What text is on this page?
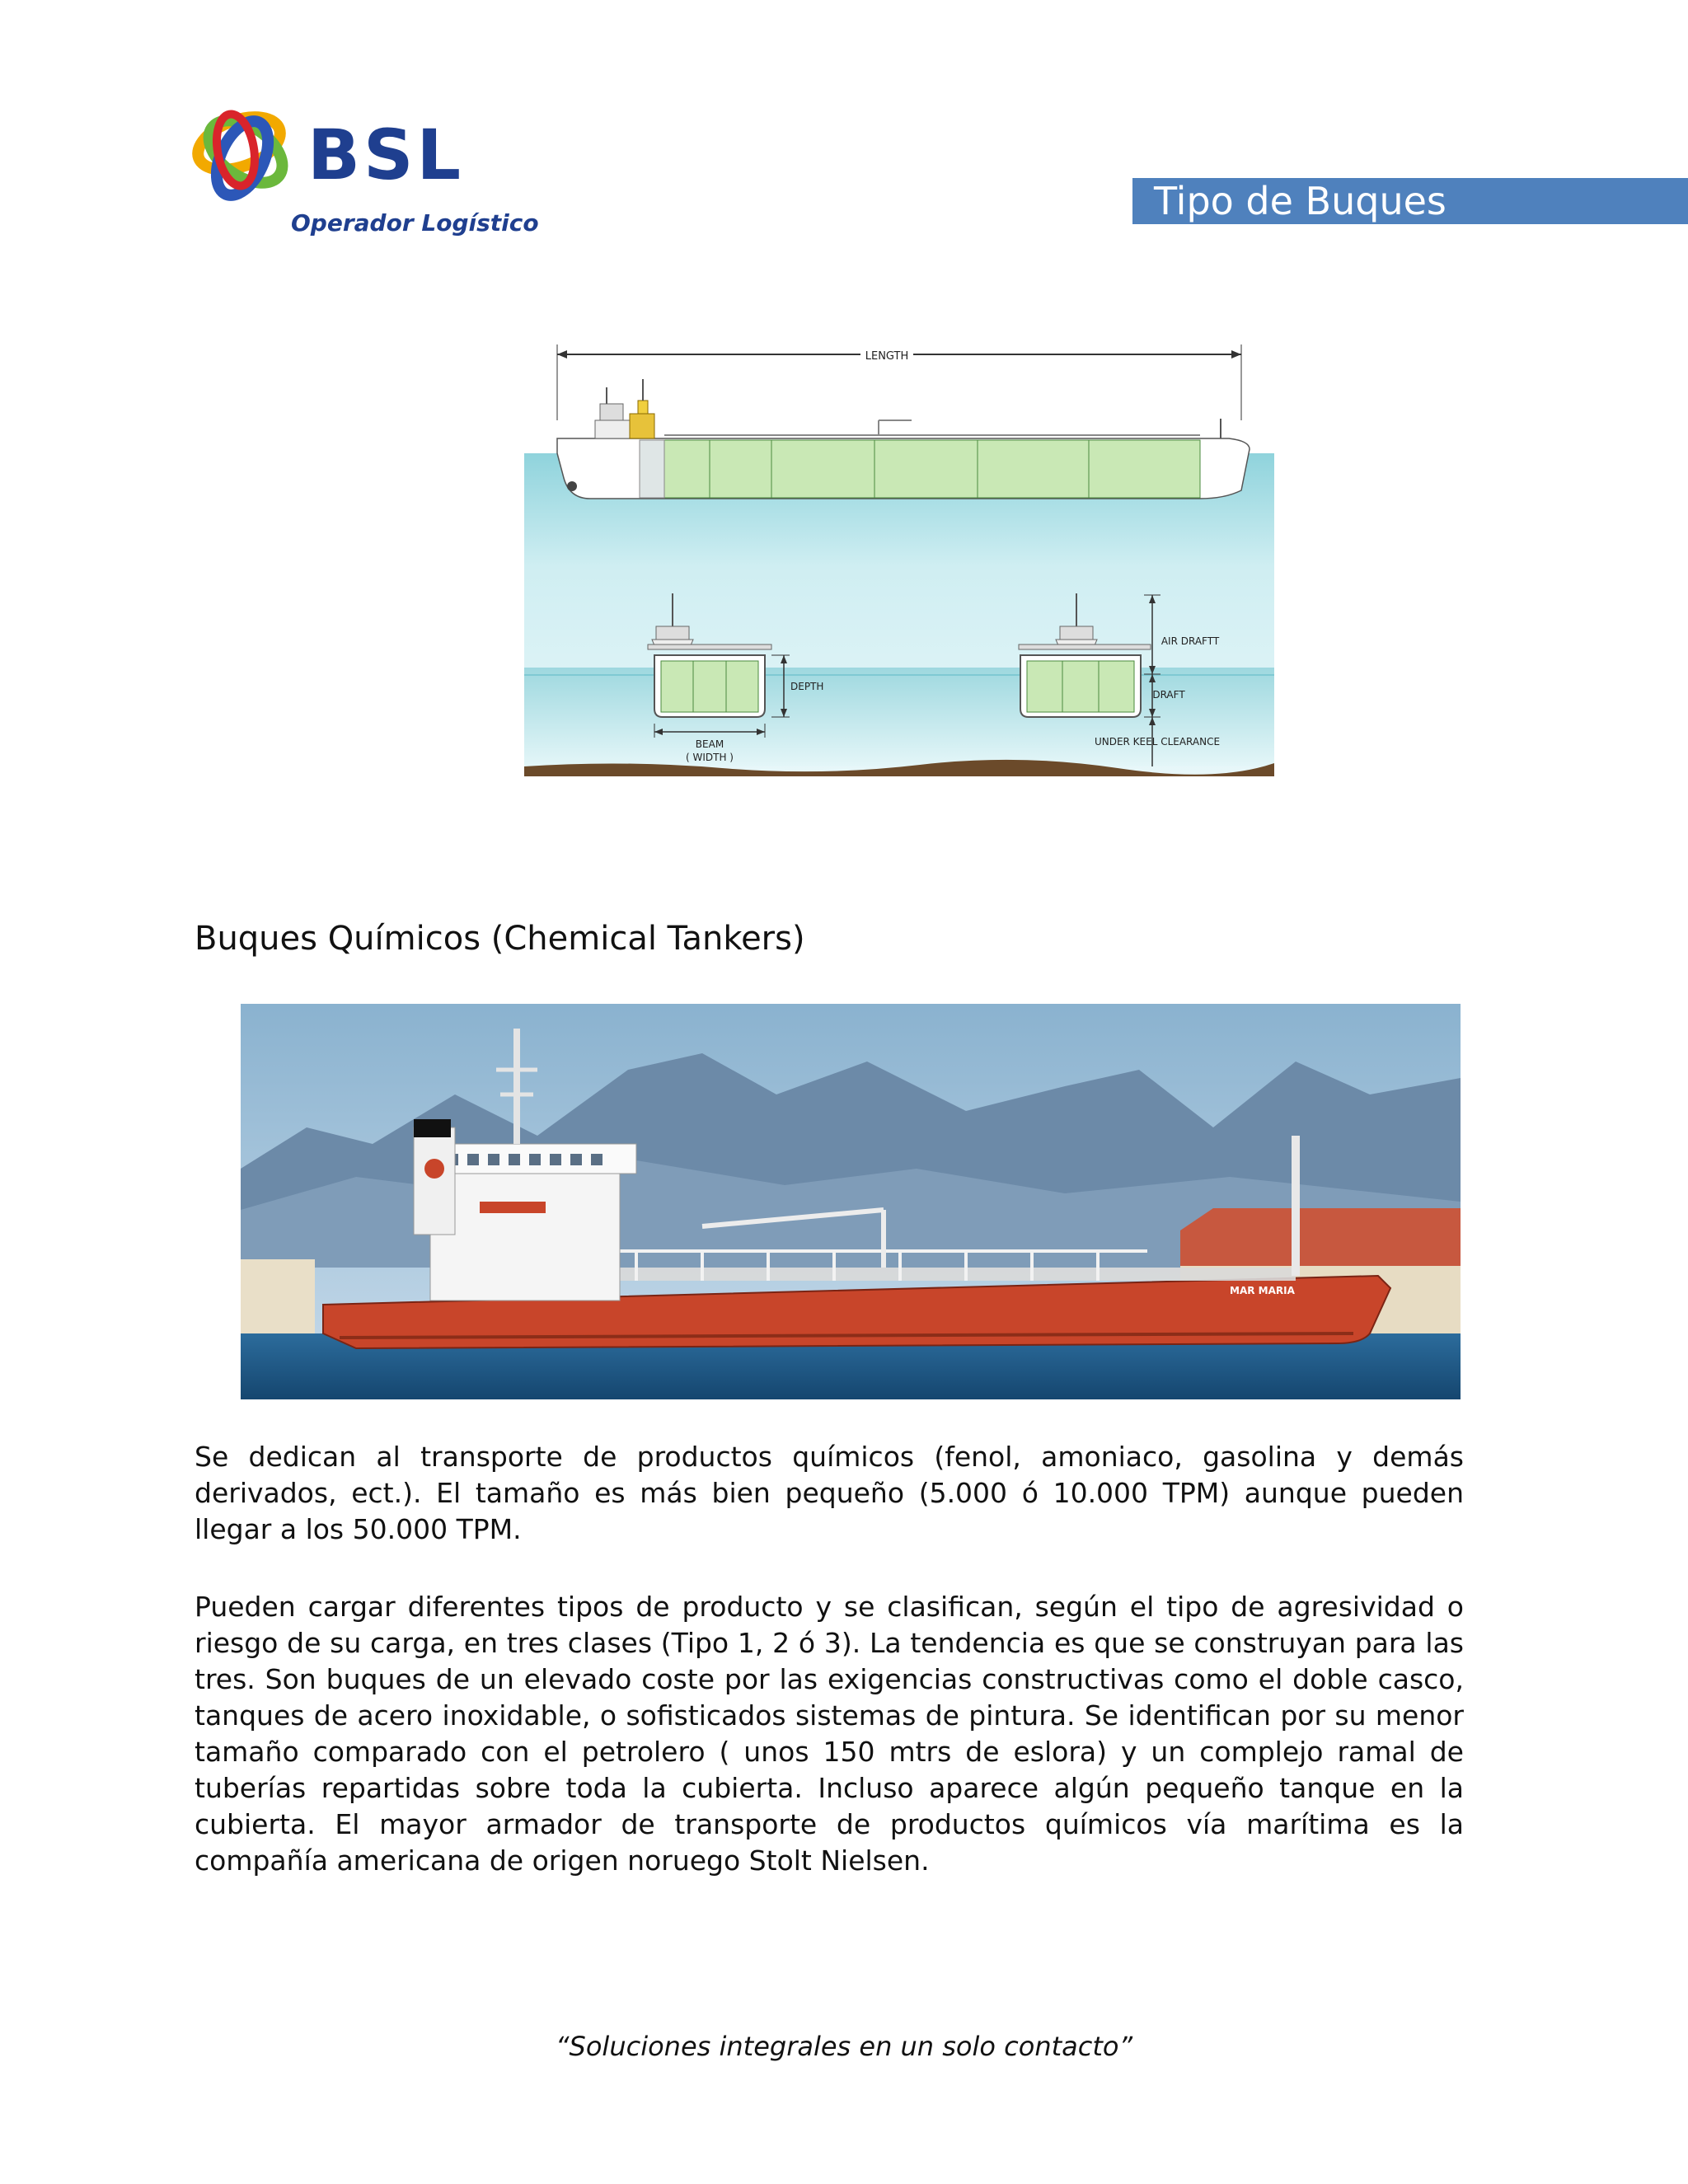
BSL
Operador Logístico	Tipo de Buques
LENGTH
BEAM
( WIDTH )
DEPTH
AIR DRAFTT
DRAFT
UNDER KEEL CLEARANCE
Buques Químicos (Chemical Tankers)
MAR MARIA

Se dedican al transporte de productos químicos (fenol, amoniaco, gasolina y demás derivados, ect.). El tamaño es más bien pequeño (5.000 ó 10.000 TPM) aunque pueden llegar a los 50.000 TPM.

Pueden cargar diferentes tipos de producto y se clasifican, según el tipo de agresividad o riesgo de su carga, en tres clases (Tipo 1, 2 ó 3). La tendencia es que se construyan para las tres. Son buques de un elevado coste por las exigencias constructivas como el doble casco, tanques de acero inoxidable, o sofisticados sistemas de pintura. Se identifican por su menor tamaño comparado con el petrolero ( unos 150 mtrs de eslora) y un complejo ramal de tuberías repartidas sobre toda la cubierta. Incluso aparece algún pequeño tanque en la cubierta. El mayor armador de transporte de productos químicos vía marítima es la compañía americana de origen noruego Stolt Nielsen.

“Soluciones integrales en un solo contacto”
